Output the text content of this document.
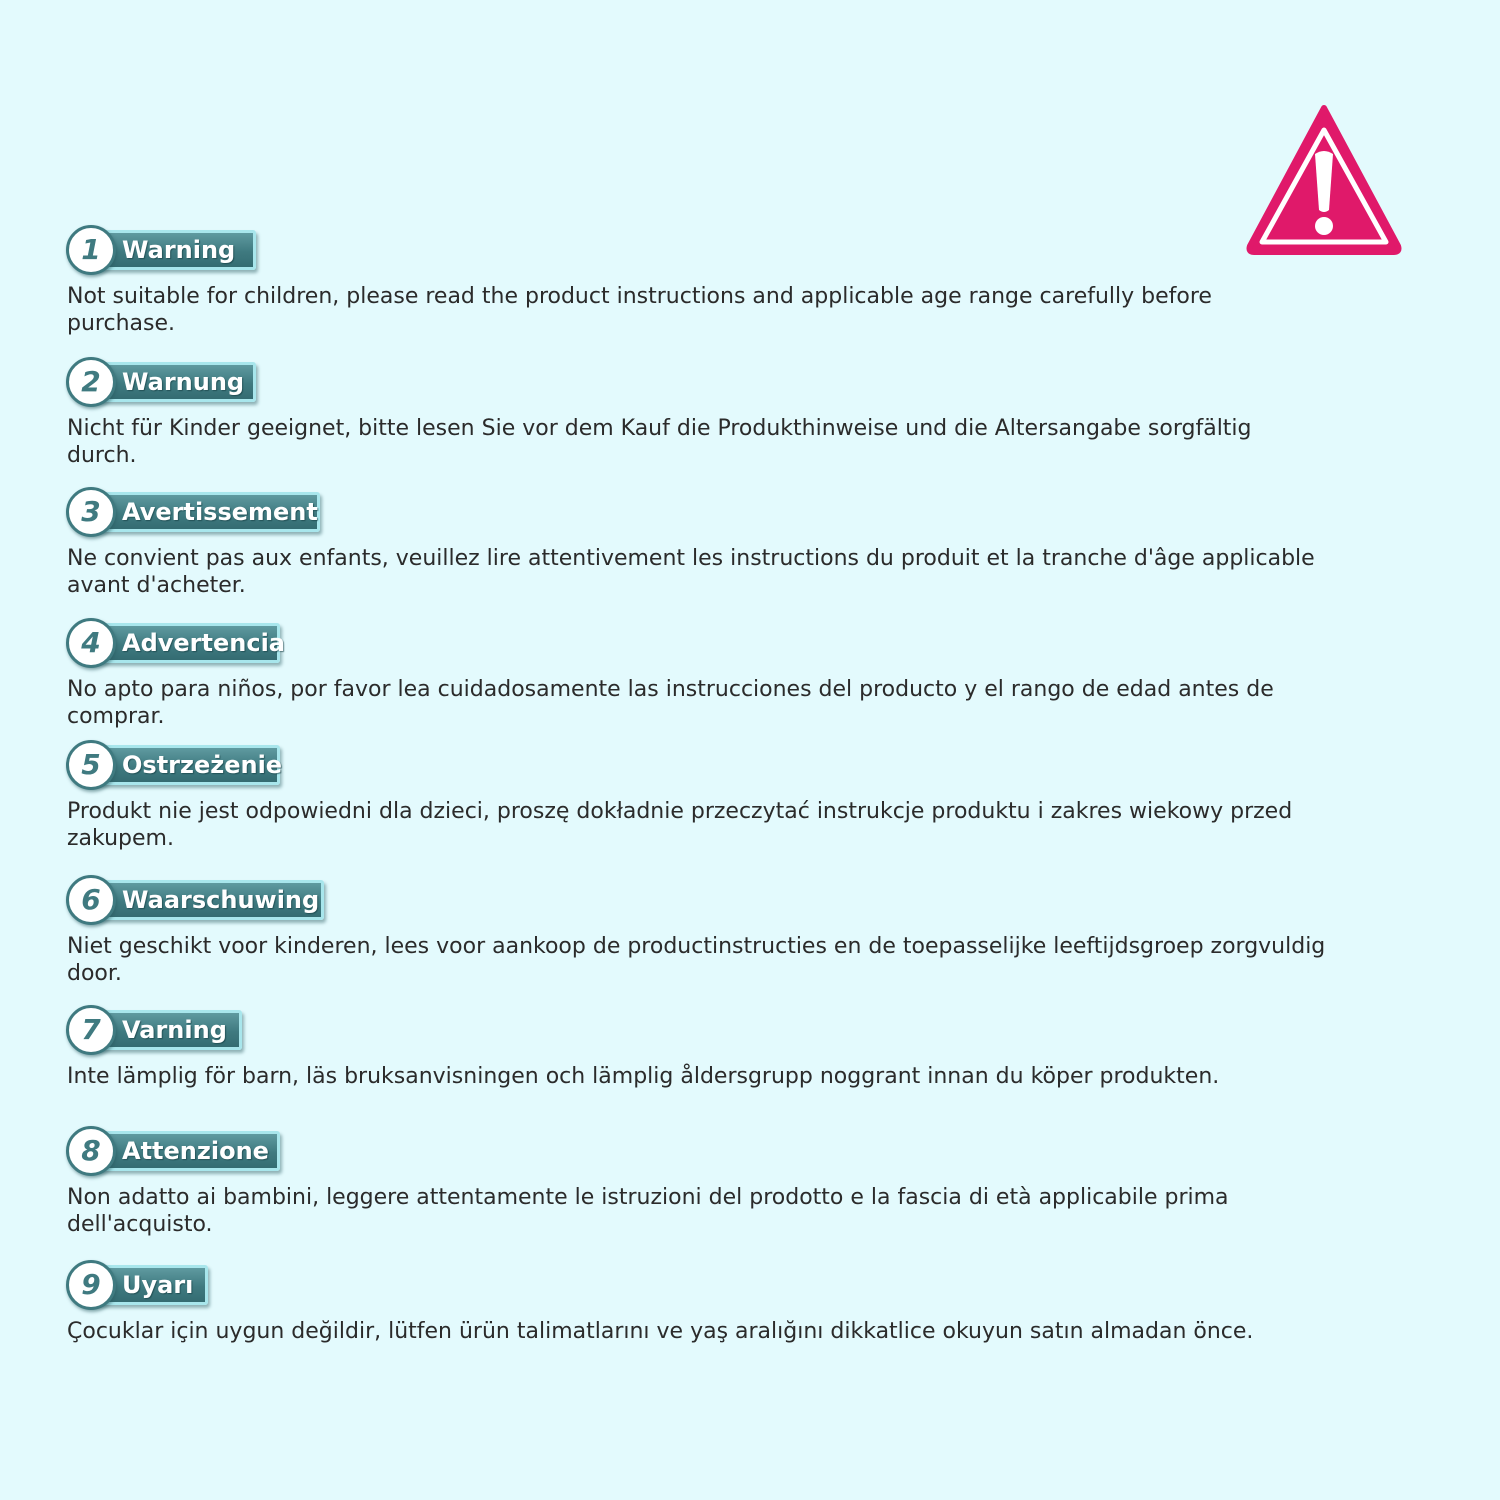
Warning
1
Not suitable for children, please read the product instructions and applicable age range carefully before purchase.
Warnung
2
Nicht für Kinder geeignet, bitte lesen Sie vor dem Kauf die Produkthinweise und die Altersangabe sorgfältig durch.
Avertissement
3
Ne convient pas aux enfants, veuillez lire attentivement les instructions du produit et la tranche d'âge applicable avant d'acheter.
Advertencia
4
No apto para niños, por favor lea cuidadosamente las instrucciones del producto y el rango de edad antes de comprar.
Ostrzeżenie
5
Produkt nie jest odpowiedni dla dzieci, proszę dokładnie przeczytać instrukcje produktu i zakres wiekowy przed zakupem.
Waarschuwing
6
Niet geschikt voor kinderen, lees voor aankoop de productinstructies en de toepasselijke leeftijdsgroep zorgvuldig door.
Varning
7
Inte lämplig för barn, läs bruksanvisningen och lämplig åldersgrupp noggrant innan du köper produkten.
Attenzione
8
Non adatto ai bambini, leggere attentamente le istruzioni del prodotto e la fascia di età applicabile prima dell'acquisto.
Uyarı
9
Çocuklar için uygun değildir, lütfen ürün talimatlarını ve yaş aralığını dikkatlice okuyun satın almadan önce.
